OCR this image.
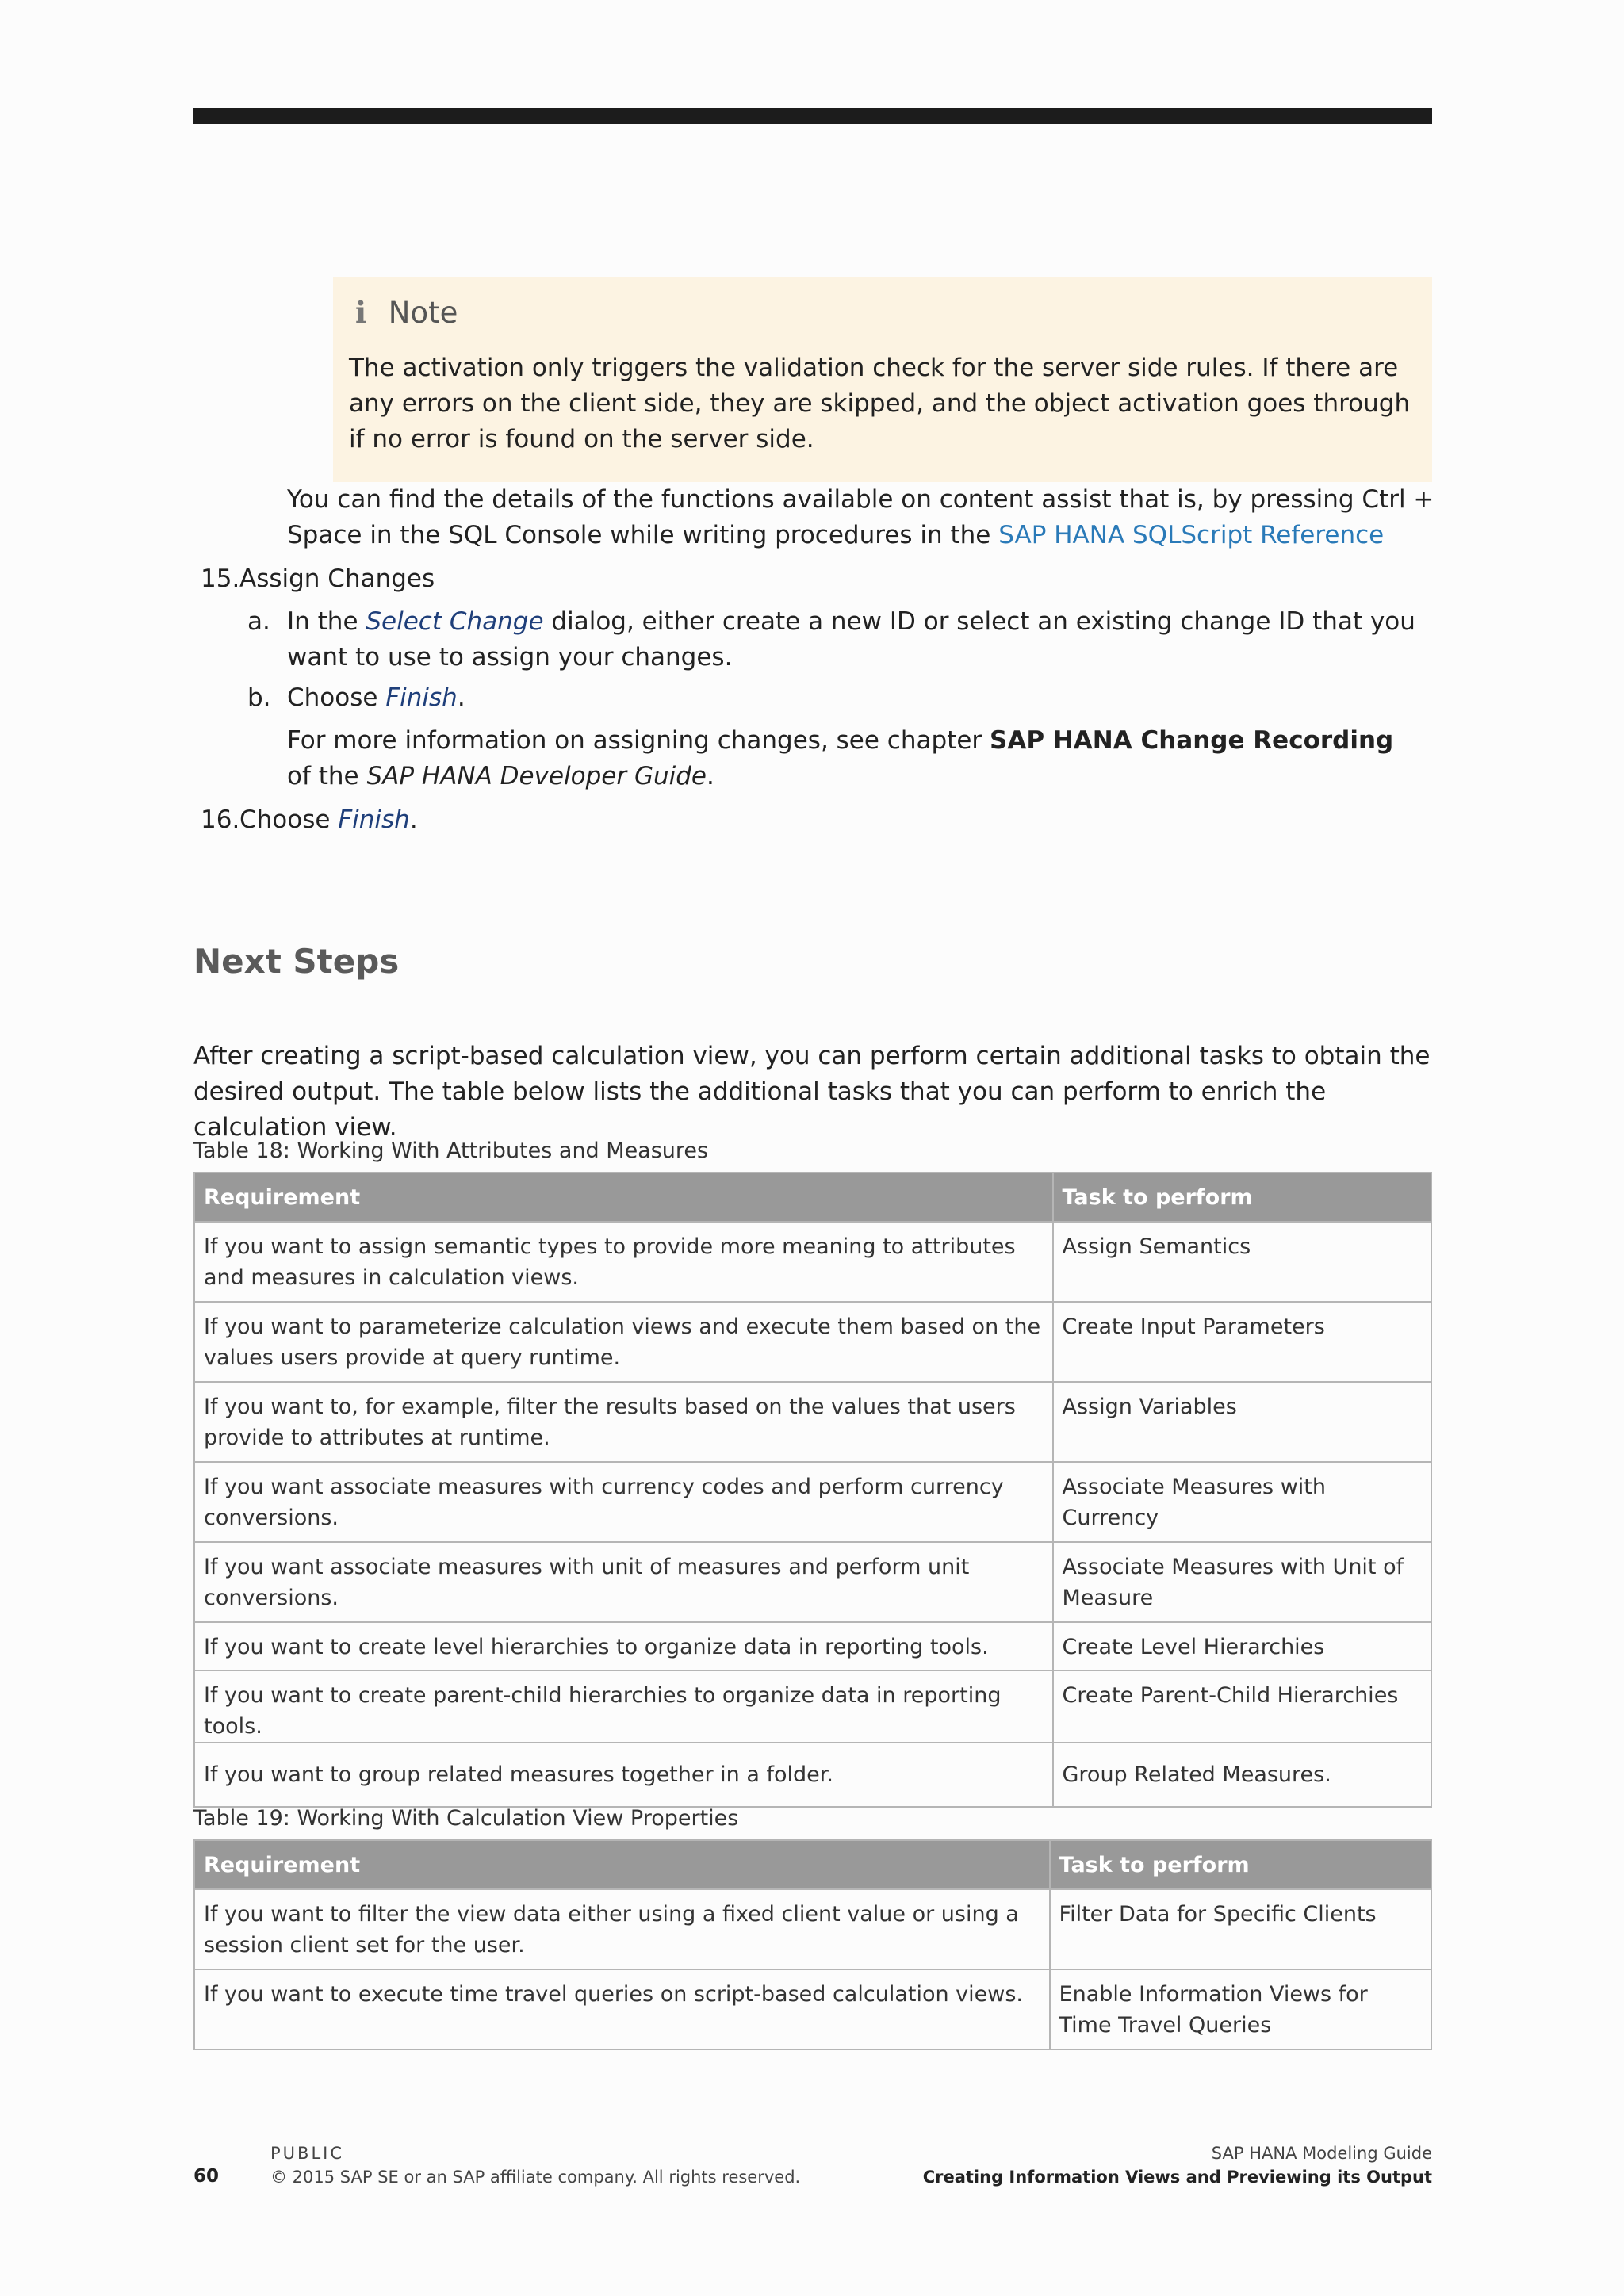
i Note
The activation only triggers the validation check for the server side rules. If there are any errors on the client side, they are skipped, and the object activation goes through if no error is found on the server side.
You can find the details of the functions available on content assist that is, by pressing Ctrl + Space in the SQL Console while writing procedures in the SAP HANA SQLScript Reference
15. Assign Changes
a. In the Select Change dialog, either create a new ID or select an existing change ID that you want to use to assign your changes.
b. Choose Finish.
For more information on assigning changes, see chapter SAP HANA Change Recording of the SAP HANA Developer Guide.
16. Choose Finish.
Next Steps
After creating a script-based calculation view, you can perform certain additional tasks to obtain the desired output. The table below lists the additional tasks that you can perform to enrich the calculation view.
Table 18: Working With Attributes and Measures
Requirement	Task to perform
If you want to assign semantic types to provide more meaning to attributes and measures in calculation views.	Assign Semantics
If you want to parameterize calculation views and execute them based on the values users provide at query runtime.	Create Input Parameters
If you want to, for example, filter the results based on the values that users provide to attributes at runtime.	Assign Variables
If you want associate measures with currency codes and perform currency conversions.	Associate Measures with Currency
If you want associate measures with unit of measures and perform unit conversions.	Associate Measures with Unit of Measure
If you want to create level hierarchies to organize data in reporting tools.	Create Level Hierarchies
If you want to create parent-child hierarchies to organize data in reporting tools.	Create Parent-Child Hierarchies
If you want to group related measures together in a folder.	Group Related Measures.
Table 19: Working With Calculation View Properties
Requirement	Task to perform
If you want to filter the view data either using a fixed client value or using a session client set for the user.	Filter Data for Specific Clients
If you want to execute time travel queries on script-based calculation views.	Enable Information Views for Time Travel Queries
60
PUBLIC
© 2015 SAP SE or an SAP affiliate company. All rights reserved.
SAP HANA Modeling Guide
Creating Information Views and Previewing its Output
